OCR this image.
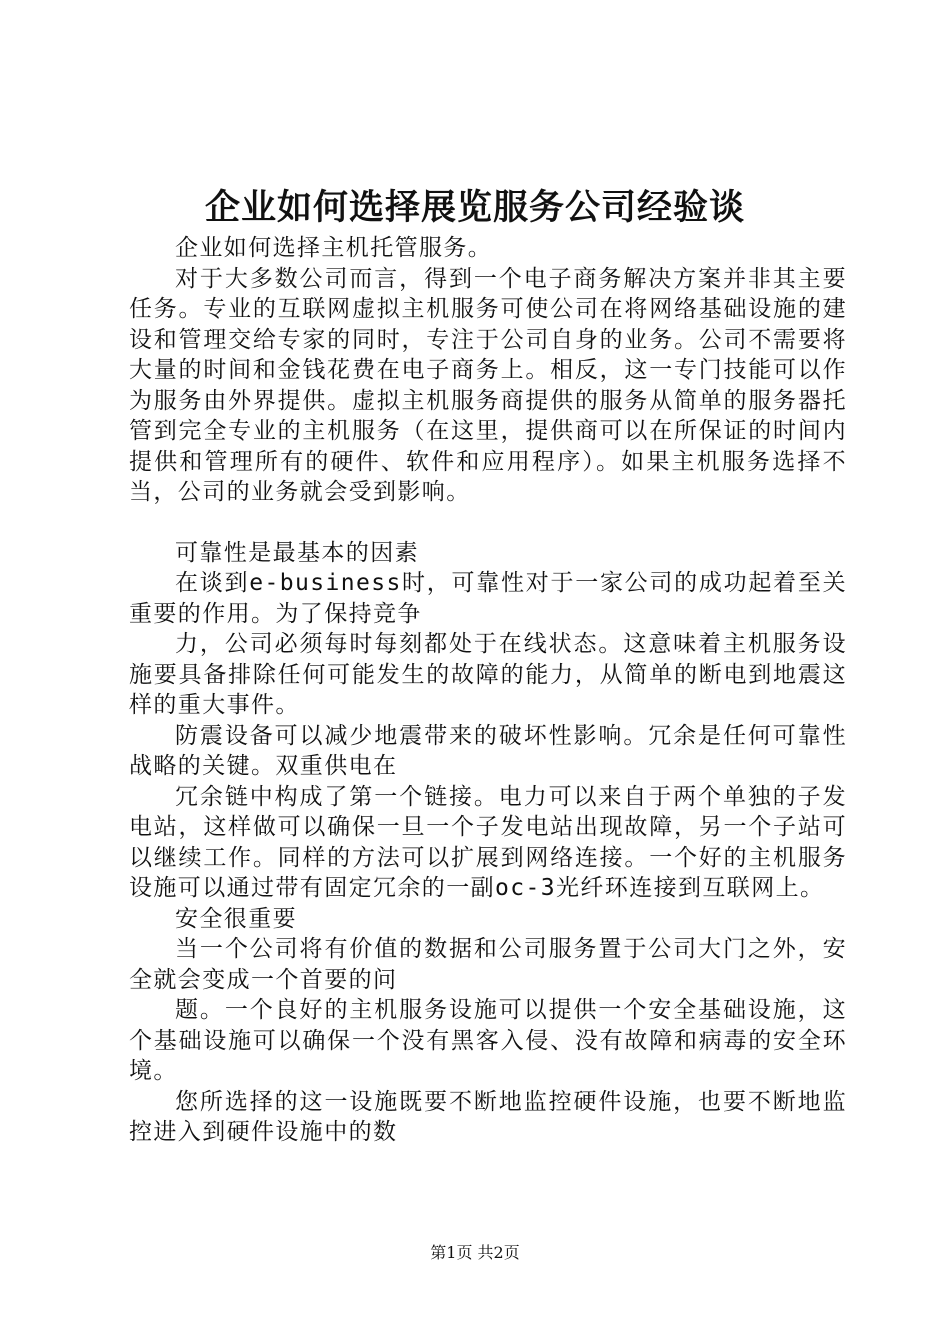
企业如何选择展览服务公司经验谈

企业如何选择主机托管服务。

对于大多数公司而言，得到一个电子商务解决方案并非其主要任务。专业的互联网虚拟主机服务可使公司在将网络基础设施的建设和管理交给专家的同时，专注于公司自身的业务。公司不需要将大量的时间和金钱花费在电子商务上。相反，这一专门技能可以作为服务由外界提供。虚拟主机服务商提供的服务从简单的服务器托管到完全专业的主机服务（在这里，提供商可以在所保证的时间内提供和管理所有的硬件、软件和应用程序）。如果主机服务选择不当，公司的业务就会受到影响。

可靠性是最基本的因素

在谈到e-business时，可靠性对于一家公司的成功起着至关重要的作用。为了保持竞争

力，公司必须每时每刻都处于在线状态。这意味着主机服务设施要具备排除任何可能发生的故障的能力，从简单的断电到地震这样的重大事件。

防震设备可以减少地震带来的破坏性影响。冗余是任何可靠性战略的关键。双重供电在

冗余链中构成了第一个链接。电力可以来自于两个单独的子发电站，这样做可以确保一旦一个子发电站出现故障，另一个子站可以继续工作。同样的方法可以扩展到网络连接。一个好的主机服务设施可以通过带有固定冗余的一副oc-3光纤环连接到互联网上。

安全很重要

当一个公司将有价值的数据和公司服务置于公司大门之外，安全就会变成一个首要的问

题。一个良好的主机服务设施可以提供一个安全基础设施，这个基础设施可以确保一个没有黑客入侵、没有故障和病毒的安全环境。

您所选择的这一设施既要不断地监控硬件设施，也要不断地监控进入到硬件设施中的数

第1页 共2页
